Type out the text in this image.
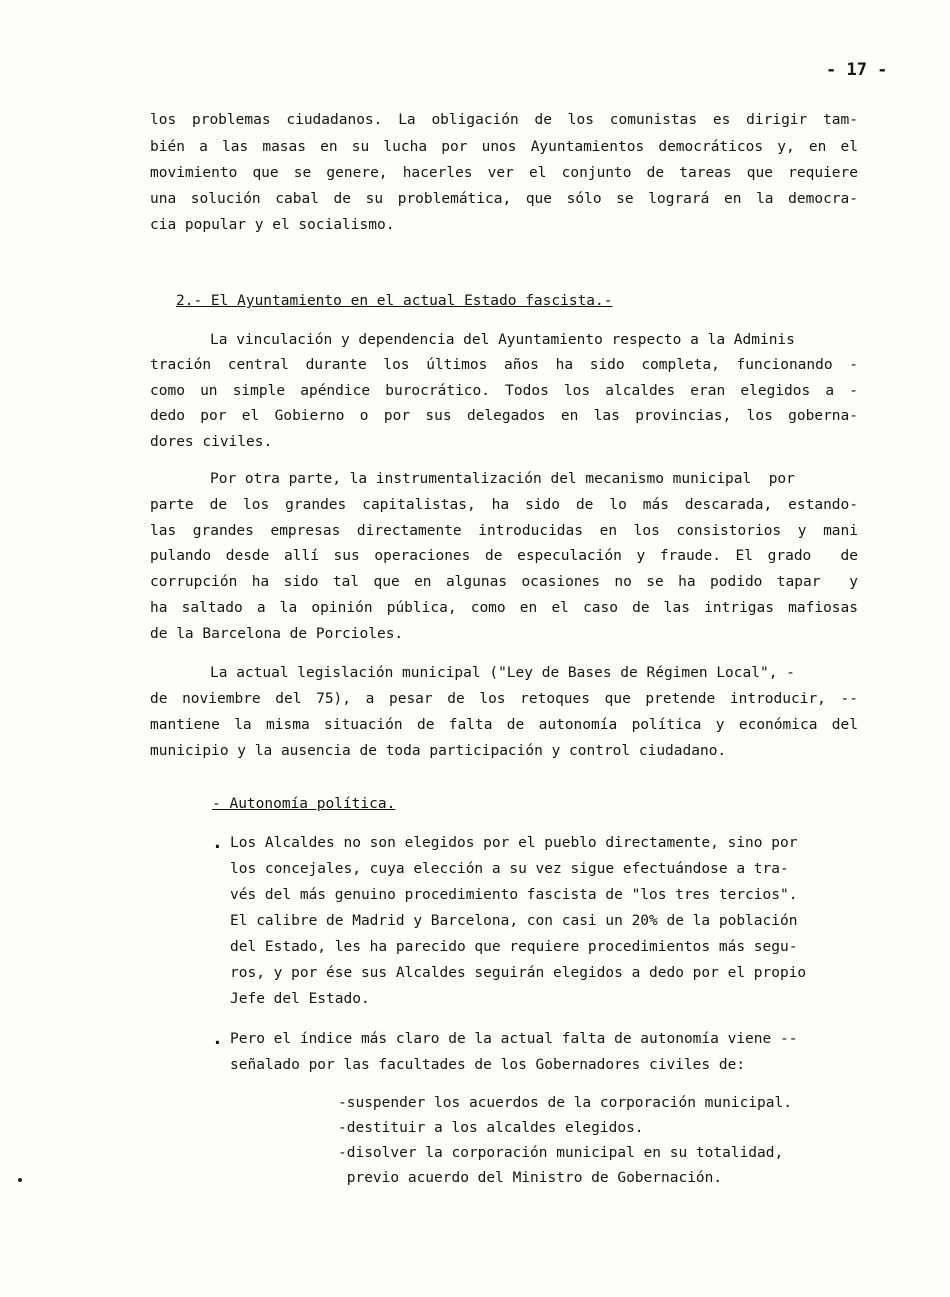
- 17 -
los problemas ciudadanos. La obligación de los comunistas es dirigir tam-
bién a las masas en su lucha por unos Ayuntamientos democráticos y, en el
movimiento que se genere, hacerles ver el conjunto de tareas que requiere
una solución cabal de su problemática, que sólo se logrará en la democra-
cia popular y el socialismo.
2.- El Ayuntamiento en el actual Estado fascista.-
La vinculación y dependencia del Ayuntamiento respecto a la Adminis
tración central durante los últimos años ha sido completa, funcionando -
como un simple apéndice burocrático. Todos los alcaldes eran elegidos a -
dedo por el Gobierno o por sus delegados en las provincias, los goberna-
dores civiles.
Por otra parte, la instrumentalización del mecanismo municipal  por
parte de los grandes capitalistas, ha sido de lo más descarada, estando-
las grandes empresas directamente introducidas en los consistorios y mani
pulando desde allí sus operaciones de especulación y fraude. El grado  de
corrupción ha sido tal que en algunas ocasiones no se ha podido tapar  y
ha saltado a la opinión pública, como en el caso de las intrigas mafiosas
de la Barcelona de Porcioles.
La actual legislación municipal ("Ley de Bases de Régimen Local", -
de noviembre del 75), a pesar de los retoques que pretende introducir, --
mantiene la misma situación de falta de autonomía política y económica del
municipio y la ausencia de toda participación y control ciudadano.
- Autonomía política.
. Los Alcaldes no son elegidos por el pueblo directamente, sino por
los concejales, cuya elección a su vez sigue efectuándose a tra-
vés del más genuino procedimiento fascista de "los tres tercios".
El calibre de Madrid y Barcelona, con casi un 20% de la población
del Estado, les ha parecido que requiere procedimientos más segu-
ros, y por ése sus Alcaldes seguirán elegidos a dedo por el propio
Jefe del Estado.
. Pero el índice más claro de la actual falta de autonomía viene --
señalado por las facultades de los Gobernadores civiles de:
-suspender los acuerdos de la corporación municipal.
-destituir a los alcaldes elegidos.
-disolver la corporación municipal en su totalidad,
previo acuerdo del Ministro de Gobernación.
